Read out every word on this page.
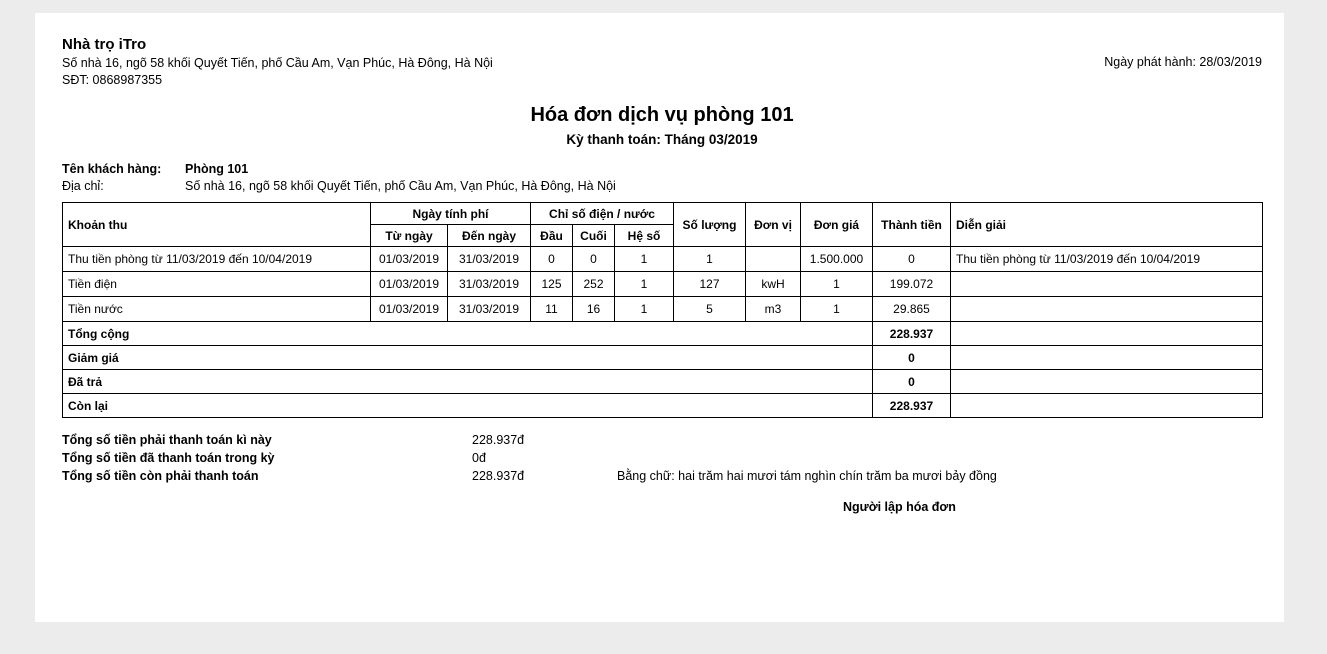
Nhà trọ iTro
Số nhà 16, ngõ 58 khối Quyết Tiến, phố Cầu Am, Vạn Phúc, Hà Đông, Hà Nội
SĐT: 0868987355
Ngày phát hành: 28/03/2019
Hóa đơn dịch vụ phòng 101
Kỳ thanh toán: Tháng 03/2019
Tên khách hàng:	Phòng 101
Địa chỉ:	Số nhà 16, ngõ 58 khối Quyết Tiến, phố Cầu Am, Vạn Phúc, Hà Đông, Hà Nội
Khoản thu	Ngày tính phí		Chỉ số điện / nước			Số lượng	Đơn vị	Đơn giá	Thành tiền	Diễn giải
	Từ ngày	Đến ngày	Đầu	Cuối	Hệ số					
Thu tiền phòng từ 11/03/2019 đến 10/04/2019	01/03/2019	31/03/2019	0	0	1	1		1.500.000	0	Thu tiền phòng từ 11/03/2019 đến 10/04/2019
Tiền điện	01/03/2019	31/03/2019	125	252	1	127	kwH	1	199.072	
Tiền nước	01/03/2019	31/03/2019	11	16	1	5	m3	1	29.865	
Tổng cộng									228.937	
Giảm giá									0	
Đã trả									0	
Còn lại									228.937	
Tổng số tiền phải thanh toán kì này	228.937đ
Tổng số tiền đã thanh toán trong kỳ	0đ
Tổng số tiền còn phải thanh toán	228.937đ	Bằng chữ: hai trăm hai mươi tám nghìn chín trăm ba mươi bảy đồng
Người lập hóa đơn
